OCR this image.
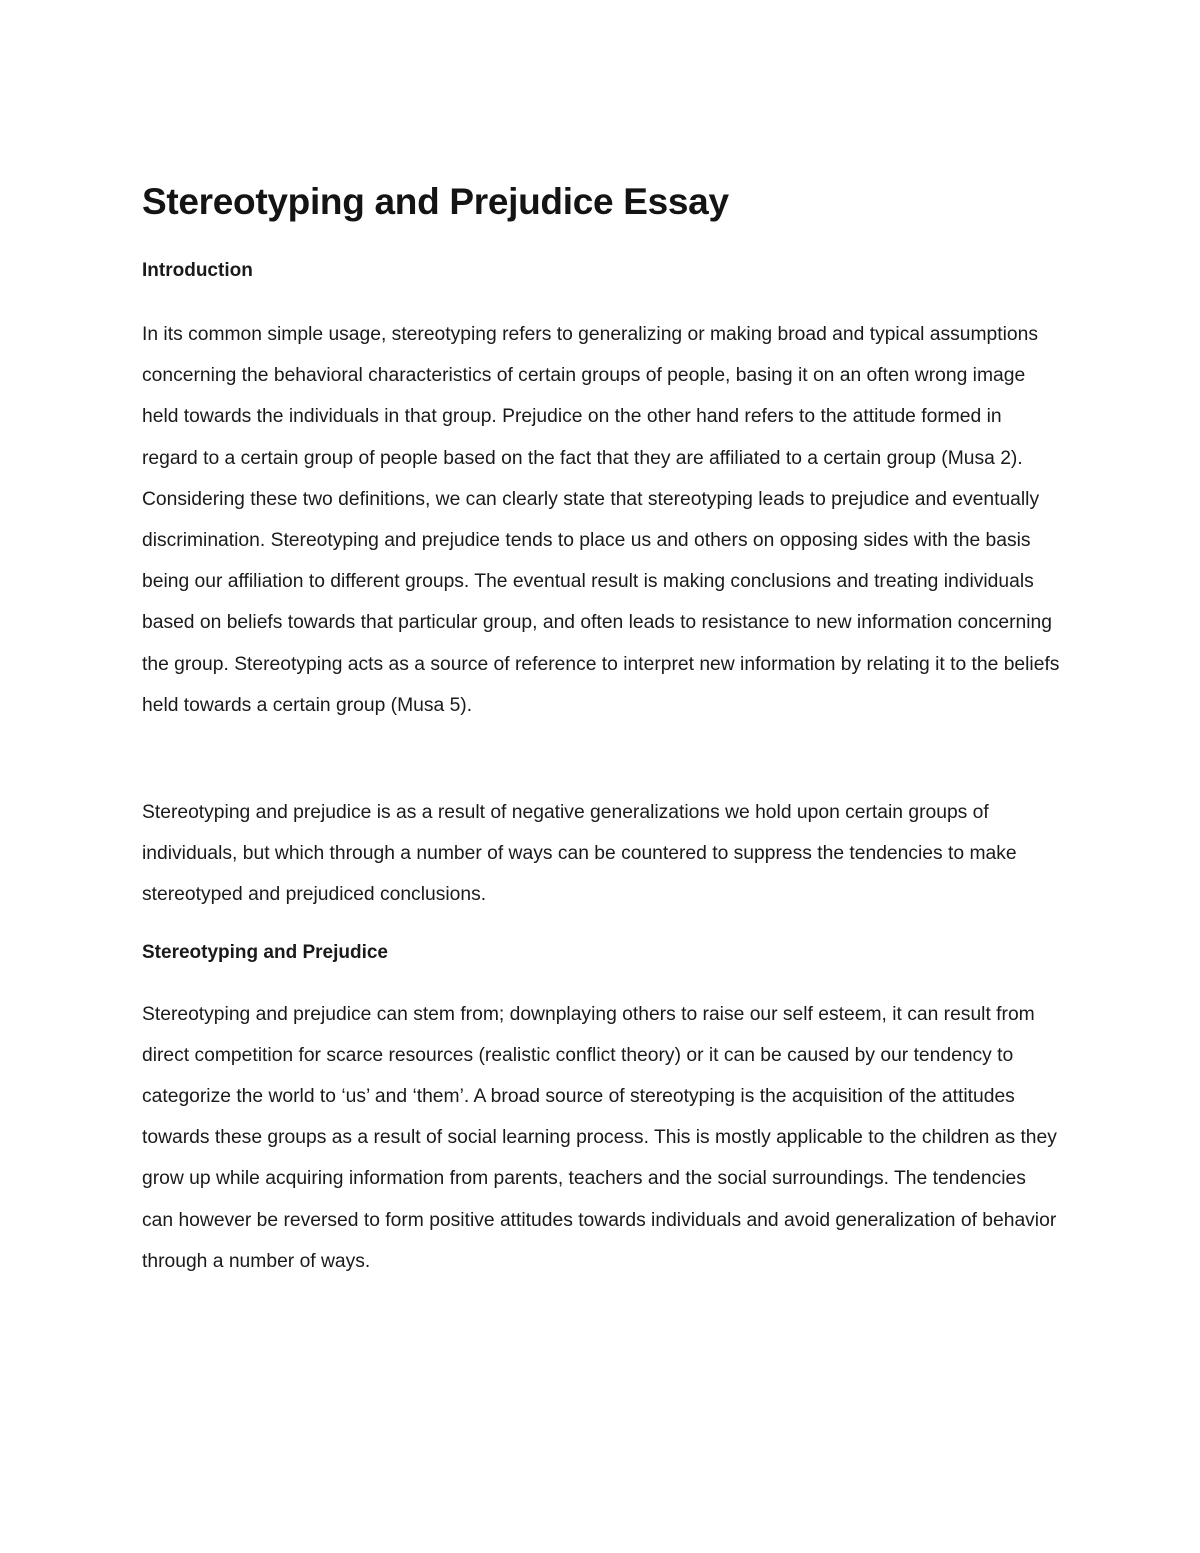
Stereotyping and Prejudice Essay

Introduction

In its common simple usage, stereotyping refers to generalizing or making broad and typical assumptions concerning the behavioral characteristics of certain groups of people, basing it on an often wrong image held towards the individuals in that group. Prejudice on the other hand refers to the attitude formed in regard to a certain group of people based on the fact that they are affiliated to a certain group (Musa 2). Considering these two definitions, we can clearly state that stereotyping leads to prejudice and eventually discrimination. Stereotyping and prejudice tends to place us and others on opposing sides with the basis being our affiliation to different groups. The eventual result is making conclusions and treating individuals based on beliefs towards that particular group, and often leads to resistance to new information concerning the group. Stereotyping acts as a source of reference to interpret new information by relating it to the beliefs held towards a certain group (Musa 5).

Stereotyping and prejudice is as a result of negative generalizations we hold upon certain groups of individuals, but which through a number of ways can be countered to suppress the tendencies to make stereotyped and prejudiced conclusions.

Stereotyping and Prejudice

Stereotyping and prejudice can stem from; downplaying others to raise our self esteem, it can result from direct competition for scarce resources (realistic conflict theory) or it can be caused by our tendency to categorize the world to ‘us’ and ‘them’. A broad source of stereotyping is the acquisition of the attitudes towards these groups as a result of social learning process. This is mostly applicable to the children as they grow up while acquiring information from parents, teachers and the social surroundings. The tendencies can however be reversed to form positive attitudes towards individuals and avoid generalization of behavior through a number of ways.
